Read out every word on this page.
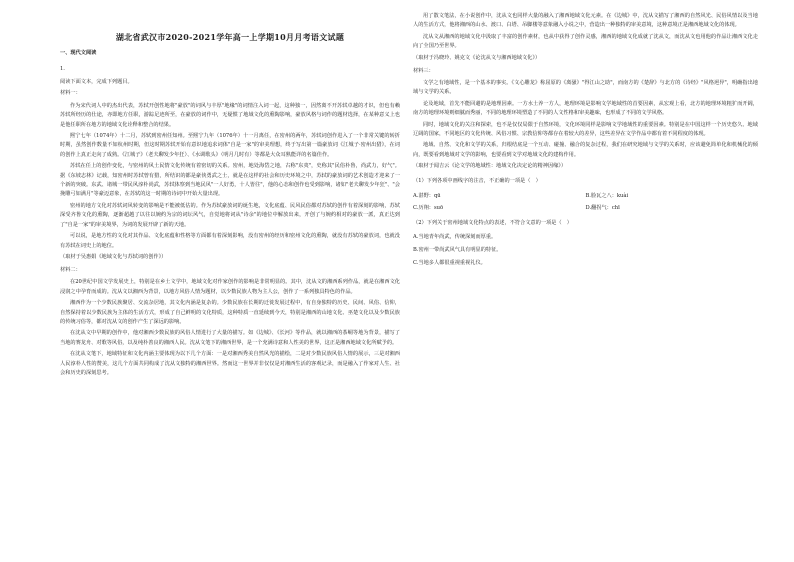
湖北省武汉市2020-2021学年高一上学期10月月考语文试题
一、现代文阅读
1.
阅读下面文本，完成下列题目。
材料一：
作为宋代词人中的杰出代表，苏轼开创性地将"豪放"的词风与丰厚"地缘"的词情注入词一起，这种独一，因然离不开苏轼卓越的才识，但也有赖苏轼所经历的仕途，亦即地方任职，游踪足迹所至，在豪放的词作中，无疑惯了地域文化的熏陶影响，豪放风格与词作的题材选择，在某种意义上也是他任职所在地方的地域文化诠释和整合的结果。
熙宁七年（1074年）十二月，苏轼到密州任知州。至熙宁九年（1076年）十一月离任，在密州的两年，苏轼词创作进入了一个非常关键的转折时期，虽然创作数量不如杭州时期，但这时期苏轼开始有意识地追求词体"自是一家"的审美理想，终于写出第一篇豪放词《江城子·密州出猎》，在词的创作上真正走向了成熟。《江城子》（老夫聊发少年狂）、《水调歌头》（明月几时有）等都是大众耳熟能详的名篇佳作。
苏轼在任上的创作变化，与密州的风土民情文化传统有着密切的关系。密州，地处海岱之地，古称"东夷"，史称其"民俗朴鲁，尚武力，好气"。据《东坡志林》记载，知密州时苏轼曾有猎，所结识的都是豪侠勇武之士，就是在这样的社会和历史环境之中，苏轼的豪放词的艺术创造才迎来了一个新的突破。东武、诸城一带民风淳朴尚武，苏轼体察到当地民风"一人好勇，十人皆往"，他的心态和创作也受到影响，诸如"老夫聊发少年狂"、"会挽雕弓如满月"等豪迈意象，在苏轼的这一时期的诗词中开始大量出现。
密州的地方文化对苏轼词风转变的影响是不能被低估的。作为苏轼豪放词的诞生地，文化底蕴、民风民俗都对苏轼的创作有着深刻的影响，苏轼深受齐鲁文化的熏陶，逐渐超越了以往以婉约为宗的词坛风气，自觉地将词从"诗余"的地位中解放出来，开创了与婉约相对的豪放一派，真正达到了"自是一家"的审美境界，为词的发展开辟了新的天地。
可以说，是地方性的文化对其作品、文化底蕴和性格等方面都有着深刻影响，没有密州的经历和密州文化的熏陶，就没有苏轼的豪放词，也就没有苏轼在词史上的地位。
（取材于吴惠娟《地域文化与苏轼词的创作》）
材料二：
在20世纪中国文学发展史上，特别是在乡土文学中，地域文化对作家创作的影响是非常明显的。其中，沈从文的湘西系列作品，就是在湘西文化浸润之中孕育而成的。沈从文以湘西为背景，以地方风俗人情为题材，以少数民族人物为主人公，创作了一系列独具特色的作品。
湘西作为一个少数民族聚居、交流杂居地，其文化内涵是复杂的。少数民族在长期的迁徙发展过程中，有自身独特的历史、民间、风俗、信仰，自然保持着以少数民族为主体的生活方式，形成了自己鲜明的文化特质，这种特质一直延续到今天，特别是湘西的山地文化、巫楚文化以及少数民族的传统习俗等，都对沈从文的创作产生了深远的影响。
在沈从文中早期的创作中，他对湘西少数民族的风俗人情进行了大量的描写。如《边城》、《长河》等作品，就以湘西的茶峒等地为背景，描写了当地的赛龙舟、对歌等风俗，以及纯朴善良的湘西人民。沈从文笔下的湘西世界，是一个充满诗意和人性美的世界，这正是湘西地域文化所赋予的。
在沈从文笔下，地域特征和文化内涵主要体现为以下几个方面：一是对湘西秀美自然风光的描绘，二是对少数民族风俗人情的展示，三是对湘西人民淳朴人性的赞美，这几个方面共同构成了沈从文独特的湘西世界。然而这一世界并非仅仅是对湘西生活的客观记录，而是融入了作家对人生、社会和历史的深刻思考。
用了散文笔法，在小说创作中，沈从文也同样大量的融入了湘西地域文化元素。在《边城》中，沈从文描写了湘西的自然风光、民俗风情以及当地人的生活方式，他将湘西的山水、渡口、白塔、吊脚楼等意象融入小说之中，营造出一种独特的审美意境，这种意境正是湘西地域文化的体现。
沈从文从湘西的地域文化中汲取了丰富的创作素材，也从中获得了创作灵感，湘西的地域文化成就了沈从文，而沈从文也用他的作品让湘西文化走向了全国乃至世界。
（取材于冯晓玲、姚克文《论沈从文与湘西地域文化》）
材料三：
文学之有地域性，是一个基本的事实。《文心雕龙》称屈原的《离骚》"得江山之助"，而南方的《楚辞》与北方的《诗经》"风格迥异"，明确指出地域与文学的关系。
论及地域，首先不能回避的是地理因素。一方水土养一方人，地理环境是影响文学地域性的首要因素，从宏观上看，北方的地理环境粗犷而开阔，南方的地理环境则细腻而秀丽，不同的地理环境塑造了不同的人文性格和审美趣味，也形成了不同的文学风格。
同时，地域文化的关注和探索，也不是仅仅局限于自然环境，文化环境同样是影响文学地域性的重要因素。特别是在中国这样一个历史悠久、地域辽阔的国家，不同地区的文化传统、风俗习惯、宗教信仰等都存在着较大的差异，这些差异在文学作品中都有着不同程度的体现。
地域、自然、文化和文学的关系，归根结底是一个互动、碰撞、融合的复杂过程，我们在研究地域与文学的关系时，应该避免简单化和机械化的倾向，既要看到地域对文学的影响，也要看到文学对地域文化的建构作用。
（取材于闻吉云《论文学的地域性：地域文化决定论的精神因缘》）
（1）下列各项中画线字的注音，不正确的一项是（　）
A.湛野：qū	B.脸瓦之八：kuài
C.历翔：suō	D.翻拐气：chī
（2）下列关于密州地域文化特点的表述，不符合文意的一项是（　）
A.当地青年尚武，传统深刻而厚重。
B.密州一带尚武风气具有明显的特征。
C.当地多人都很重视重视礼仪。
